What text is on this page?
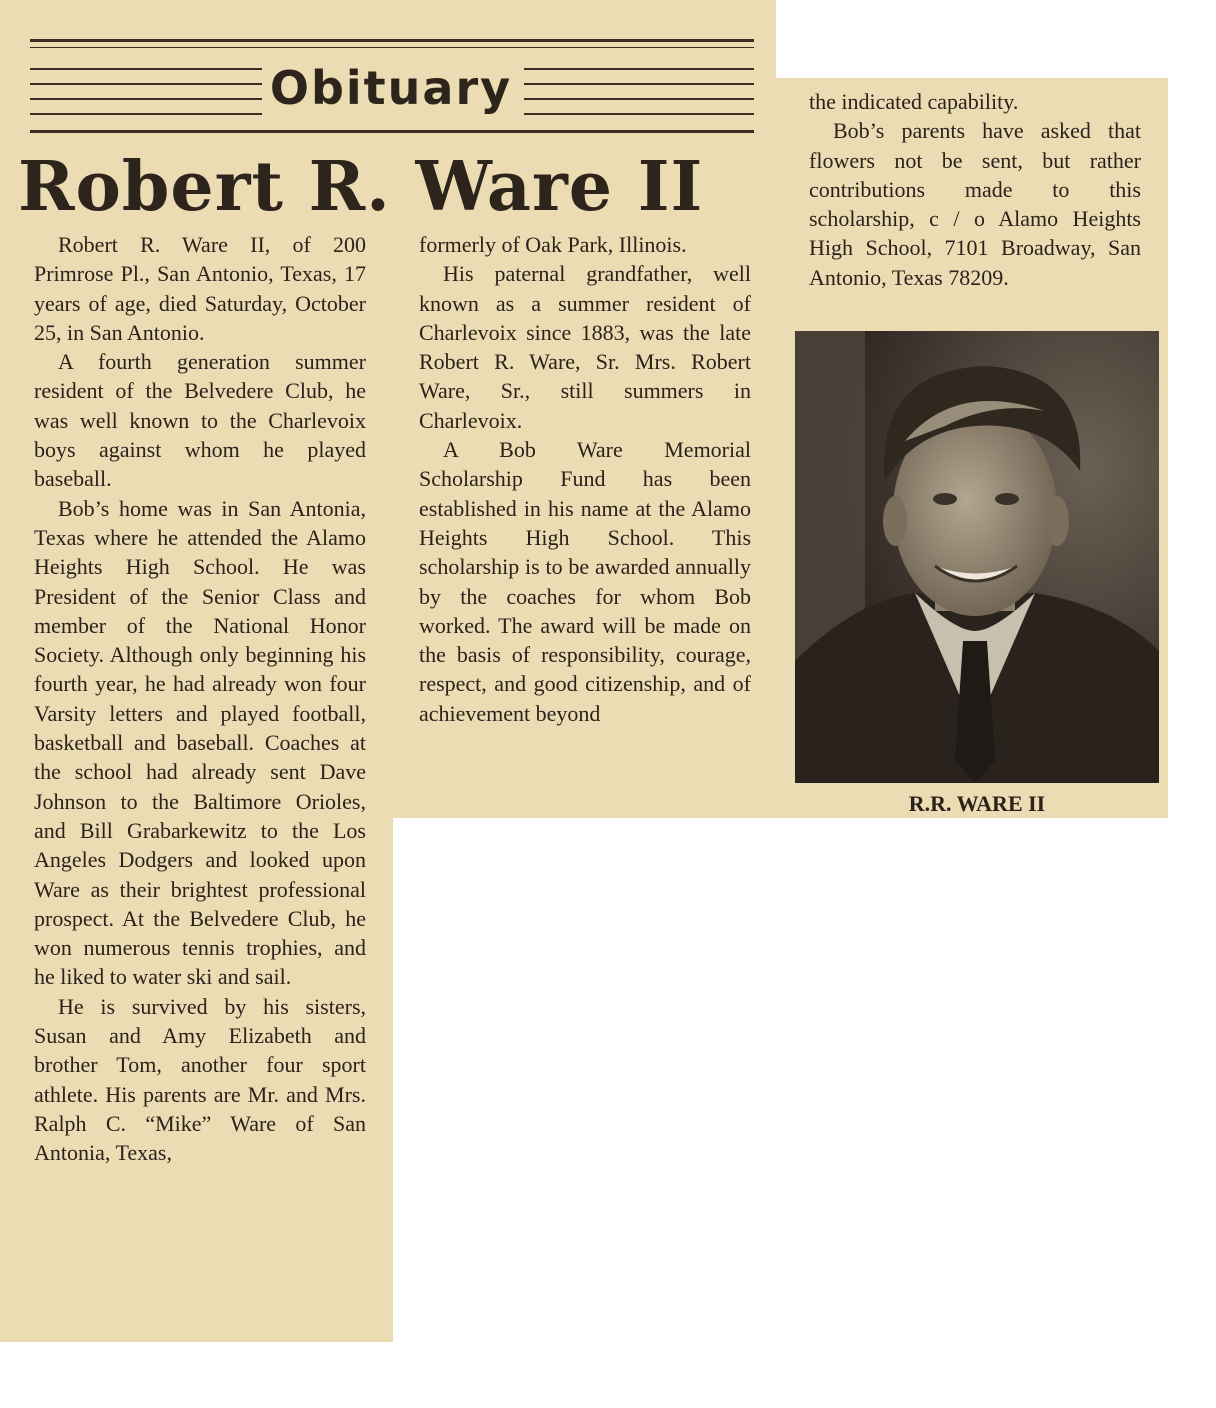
Obituary
Robert R. Ware II

Robert R. Ware II, of 200 Primrose Pl., San Antonio, Texas, 17 years of age, died Saturday, October 25, in San Antonio.

A fourth generation summer resident of the Belvedere Club, he was well known to the Charlevoix boys against whom he played baseball.

Bob’s home was in San Antonia, Texas where he attended the Alamo Heights High School. He was President of the Senior Class and member of the National Honor Society. Although only beginning his fourth year, he had already won four Varsity letters and played football, basketball and baseball. Coaches at the school had already sent Dave Johnson to the Baltimore Orioles, and Bill Grabarkewitz to the Los Angeles Dodgers and looked upon Ware as their brightest professional prospect. At the Belvedere Club, he won numerous tennis trophies, and he liked to water ski and sail.

He is survived by his sisters, Susan and Amy Elizabeth and brother Tom, another four sport athlete. His parents are Mr. and Mrs. Ralph C. “Mike” Ware of San Antonia, Texas,

formerly of Oak Park, Illinois.

His paternal grandfather, well known as a summer resident of Charlevoix since 1883, was the late Robert R. Ware, Sr. Mrs. Robert Ware, Sr., still summers in Charlevoix.

A Bob Ware Memorial Scholarship Fund has been established in his name at the Alamo Heights High School. This scholarship is to be awarded annually by the coaches for whom Bob worked. The award will be made on the basis of responsibility, courage, respect, and good citizenship, and of achievement beyond

the indicated capability.

Bob’s parents have asked that flowers not be sent, but rather contributions made to this scholarship, c / o Alamo Heights High School, 7101 Broadway, San Antonio, Texas 78209.

R.R. WARE II
